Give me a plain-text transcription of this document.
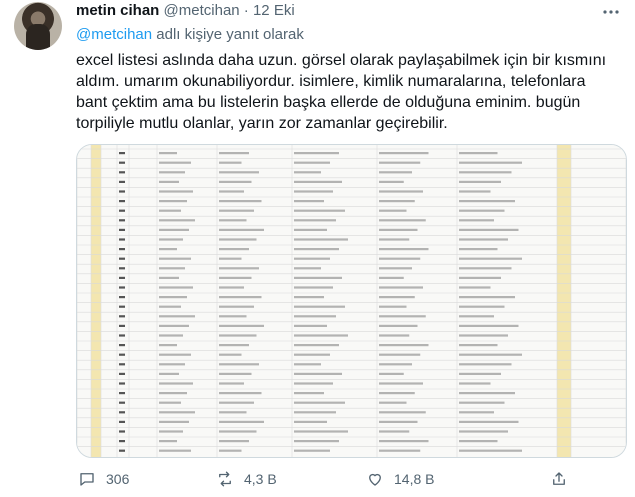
metin cihan @metcihan · 12 Eki
@metcihan adlı kişiye yanıt olarak
excel listesi aslında daha uzun. görsel olarak paylaşabilmek için bir kısmını aldım. umarım okunabiliyordur. isimlere, kimlik numaralarına, telefonlara bant çektim ama bu listelerin başka ellerde de olduğuna eminim. bugün torpiliyle mutlu olanlar, yarın zor zamanlar geçirebilir.
306	4,3 B	14,8 B
